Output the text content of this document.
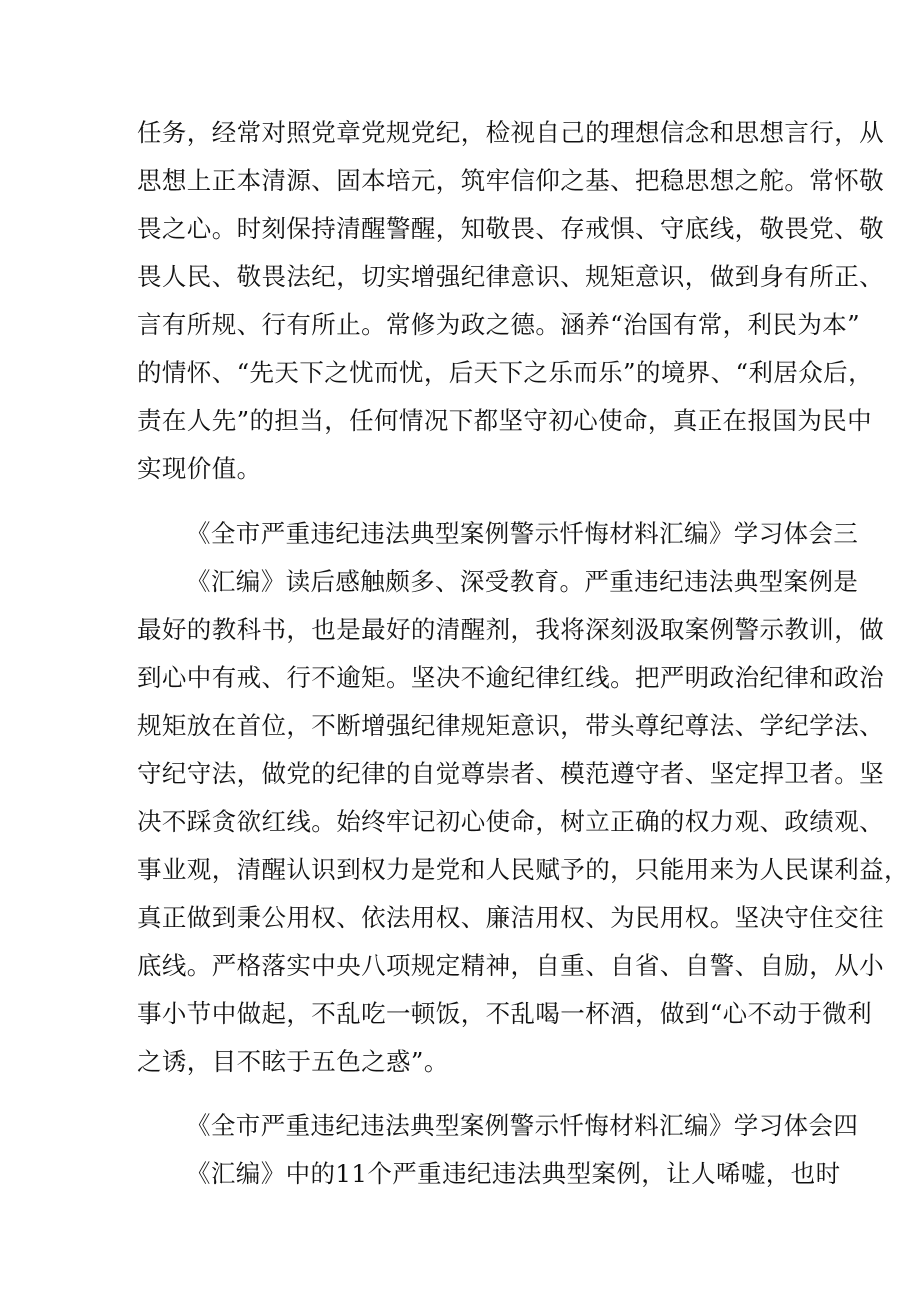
任务，经常对照党章党规党纪，检视自己的理想信念和思想言行，从
思想上正本清源、固本培元，筑牢信仰之基、把稳思想之舵。常怀敬
畏之心。时刻保持清醒警醒，知敬畏、存戒惧、守底线，敬畏党、敬
畏人民、敬畏法纪，切实增强纪律意识、规矩意识，做到身有所正、
言有所规、行有所止。常修为政之德。涵养“治国有常，利民为本”
的情怀、“先天下之忧而忧，后天下之乐而乐”的境界、“利居众后，
责在人先”的担当，任何情况下都坚守初心使命，真正在报国为民中
实现价值。
《全市严重违纪违法典型案例警示忏悔材料汇编》学习体会三
《汇编》读后感触颇多、深受教育。严重违纪违法典型案例是
最好的教科书，也是最好的清醒剂，我将深刻汲取案例警示教训，做
到心中有戒、行不逾矩。坚决不逾纪律红线。把严明政治纪律和政治
规矩放在首位，不断增强纪律规矩意识，带头尊纪尊法、学纪学法、
守纪守法，做党的纪律的自觉尊崇者、模范遵守者、坚定捍卫者。坚
决不踩贪欲红线。始终牢记初心使命，树立正确的权力观、政绩观、
事业观，清醒认识到权力是党和人民赋予的，只能用来为人民谋利益，
真正做到秉公用权、依法用权、廉洁用权、为民用权。坚决守住交往
底线。严格落实中央八项规定精神，自重、自省、自警、自励，从小
事小节中做起，不乱吃一顿饭，不乱喝一杯酒，做到“心不动于微利
之诱，目不眩于五色之惑”。
《全市严重违纪违法典型案例警示忏悔材料汇编》学习体会四
《汇编》中的11个严重违纪违法典型案例，让人唏嘘，也时
